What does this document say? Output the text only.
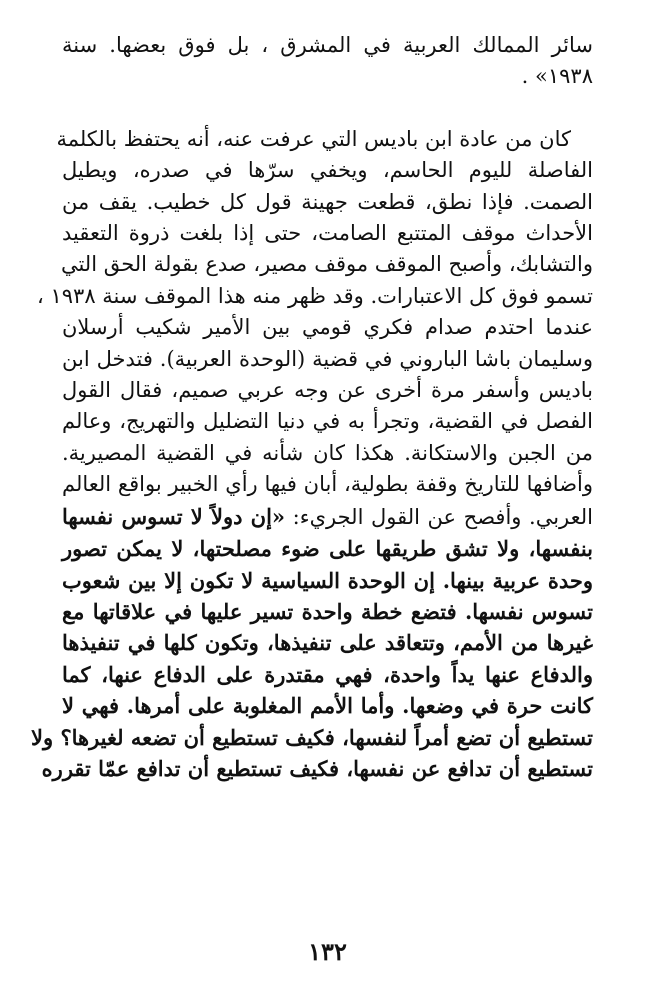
سائر الممالك العربية في المشرق ، بل فوق بعضها. سنة
١٩٣٨» .

كان من عادة ابن باديس التي عرفت عنه، أنه يحتفظ بالكلمة
الفاصلة لليوم الحاسم، ويخفي سرّها في صدره، ويطيل
الصمت. فإذا نطق، قطعت جهينة قول كل خطيب. يقف من
الأحداث موقف المتتبع الصامت، حتى إذا بلغت ذروة التعقيد
والتشابك، وأصبح الموقف موقف مصير، صدع بقولة الحق التي
تسمو فوق كل الاعتبارات. وقد ظهر منه هذا الموقف سنة ١٩٣٨ ،
عندما احتدم صدام فكري قومي بين الأمير شكيب أرسلان
وسليمان باشا الباروني في قضية (الوحدة العربية). فتدخل ابن
باديس وأسفر مرة أخرى عن وجه عربي صميم، فقال القول
الفصل في القضية، وتجرأ به في دنيا التضليل والتهريج، وعالم
من الجبن والاستكانة. هكذا كان شأنه في القضية المصيرية.
وأضافها للتاريخ وقفة بطولية، أبان فيها رأي الخبير بواقع العالم
العربي. وأفصح عن القول الجريء: «إن دولاً لا تسوس نفسها
بنفسها، ولا تشق طريقها على ضوء مصلحتها، لا يمكن تصور
وحدة عربية بينها. إن الوحدة السياسية لا تكون إلا بين شعوب
تسوس نفسها. فتضع خطة واحدة تسير عليها في علاقاتها مع
غيرها من الأمم، وتتعاقد على تنفيذها، وتكون كلها في تنفيذها
والدفاع عنها يداً واحدة، فهي مقتدرة على الدفاع عنها، كما
كانت حرة في وضعها. وأما الأمم المغلوبة على أمرها. فهي لا
تستطيع أن تضع أمراً لنفسها، فكيف تستطيع أن تضعه لغيرها؟ ولا
تستطيع أن تدافع عن نفسها، فكيف تستطيع أن تدافع عمّا تقرره

١٣٢
